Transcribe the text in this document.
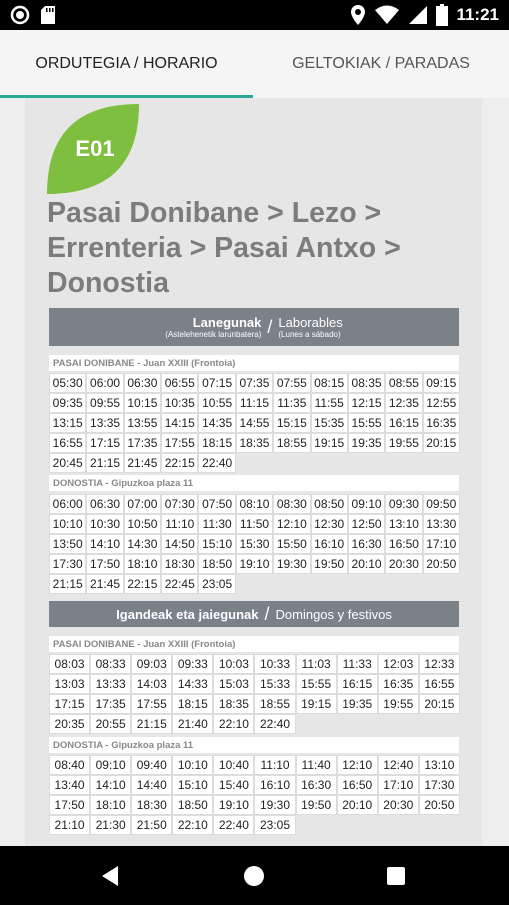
11:21
ORDUTEGIA / HORARIO	GELTOKIAK / PARADAS
E01
Pasai Donibane > Lezo >
Errenteria > Pasai Antxo >
Donostia
Lanegunak
(Astelehenetik larunbatera) / Laborables
(Lunes a sábado)
PASAI DONIBANE - Juan XXIII (Frontoia)
05:30 06:00 06:30 06:55 07:15 07:35 07:55 08:15 08:35 08:55 09:15
09:35 09:55 10:15 10:35 10:55 11:15 11:35 11:55 12:15 12:35 12:55
13:15 13:35 13:55 14:15 14:35 14:55 15:15 15:35 15:55 16:15 16:35
16:55 17:15 17:35 17:55 18:15 18:35 18:55 19:15 19:35 19:55 20:15
20:45 21:15 21:45 22:15 22:40
DONOSTIA - Gipuzkoa plaza 11
06:00 06:30 07:00 07:30 07:50 08:10 08:30 08:50 09:10 09:30 09:50
10:10 10:30 10:50 11:10 11:30 11:50 12:10 12:30 12:50 13:10 13:30
13:50 14:10 14:30 14:50 15:10 15:30 15:50 16:10 16:30 16:50 17:10
17:30 17:50 18:10 18:30 18:50 19:10 19:30 19:50 20:10 20:30 20:50
21:15 21:45 22:15 22:45 23:05
Igandeak eta jaiegunak / Domingos y festivos
PASAI DONIBANE - Juan XXIII (Frontoia)
08:03 08:33 09:03 09:33 10:03 10:33 11:03 11:33 12:03 12:33
13:03 13:33 14:03 14:33 15:03 15:33 15:55 16:15 16:35 16:55
17:15 17:35 17:55 18:15 18:35 18:55 19:15 19:35 19:55 20:15
20:35 20:55 21:15 21:40 22:10 22:40
DONOSTIA - Gipuzkoa plaza 11
08:40 09:10 09:40 10:10 10:40 11:10 11:40 12:10 12:40 13:10
13:40 14:10 14:40 15:10 15:40 16:10 16:30 16:50 17:10 17:30
17:50 18:10 18:30 18:50 19:10 19:30 19:50 20:10 20:30 20:50
21:10 21:30 21:50 22:10 22:40 23:05
